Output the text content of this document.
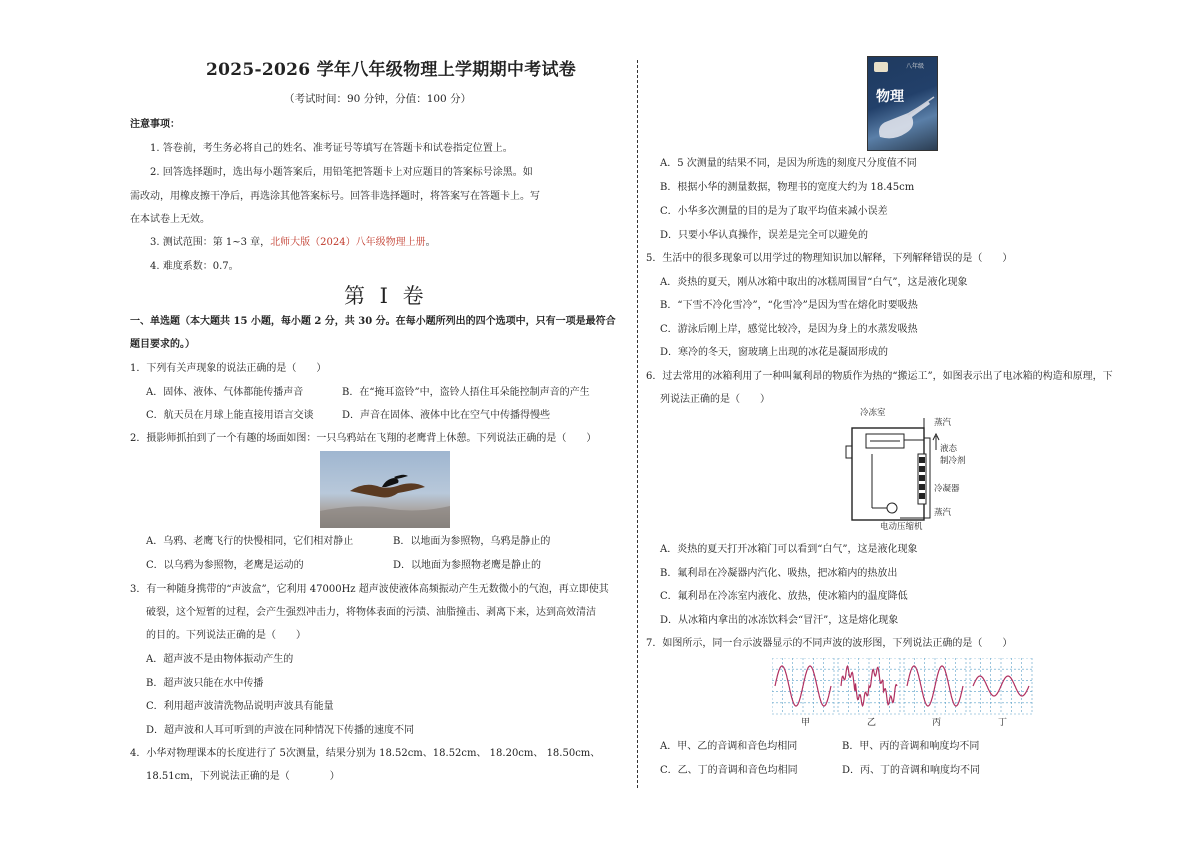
2025-2026 学年八年级物理上学期期中考试卷
（考试时间：90 分钟，分值：100 分）
注意事项：
1. 答卷前，考生务必将自己的姓名、准考证号等填写在答题卡和试卷指定位置上。
2. 回答选择题时，选出每小题答案后，用铅笔把答题卡上对应题目的答案标号涂黑。如
需改动，用橡皮擦干净后，再选涂其他答案标号。回答非选择题时，将答案写在答题卡上。写
在本试卷上无效。
3. 测试范围：第 1~3 章，北师大版（2024）八年级物理上册。
4. 难度系数：0.7。
第 I 卷
一、单选题（本大题共 15 小题，每小题 2 分，共 30 分。在每小题所列出的四个选项中，只有一项是最符合
题目要求的。）
1．下列有关声现象的说法正确的是（　　）
A．固体、液体、气体都能传播声音	B．在“掩耳盗铃”中，盗铃人捂住耳朵能控制声音的产生
C．航天员在月球上能直接用语言交谈	D．声音在固体、液体中比在空气中传播得慢些
2．摄影师抓拍到了一个有趣的场面如图：一只乌鸦站在飞翔的老鹰背上休憩。下列说法正确的是（　　）
A．乌鸦、老鹰飞行的快慢相同，它们相对静止	B．以地面为参照物，乌鸦是静止的
C．以乌鸦为参照物，老鹰是运动的	D．以地面为参照物老鹰是静止的
3．有一种随身携带的“声波盒”，它利用 47000Hz 超声波使液体高频振动产生无数微小的气泡，再立即使其
破裂，这个短暂的过程，会产生强烈冲击力，将物体表面的污渍、油脂撞击、剥离下来，达到高效清洁
的目的。下列说法正确的是（　　）
A．超声波不是由物体振动产生的
B．超声波只能在水中传播
C．利用超声波清洗物品说明声波具有能量
D．超声波和人耳可听到的声波在同种情况下传播的速度不同
4．小华对物理课本的长度进行了 5次测量，结果分别为 18.52cm、18.52cm、 18.20cm、 18.50cm、
18.51cm，下列说法正确的是（　　　　）
八年级
物理
A．5 次测量的结果不同，是因为所选的刻度尺分度值不同
B．根据小华的测量数据，物理书的宽度大约为 18.45cm
C．小华多次测量的目的是为了取平均值来减小误差
D．只要小华认真操作，误差是完全可以避免的
5．生活中的很多现象可以用学过的物理知识加以解释，下列解释错误的是（　　）
A．炎热的夏天，刚从冰箱中取出的冰糕周围冒“白气”，这是液化现象
B．“下雪不冷化雪冷”，“化雪冷”是因为雪在熔化时要吸热
C．游泳后刚上岸，感觉比较冷，是因为身上的水蒸发吸热
D．寒冷的冬天，窗玻璃上出现的冰花是凝固形成的
6．过去常用的冰箱利用了一种叫氟利昂的物质作为热的“搬运工”，如图表示出了电冰箱的构造和原理，下
列说法正确的是（　　）
冷冻室
蒸汽
液态
制冷剂
冷凝器
蒸汽
电动压缩机
A．炎热的夏天打开冰箱门可以看到“白气”，这是液化现象
B．氟利昂在冷凝器内汽化、吸热，把冰箱内的热放出
C．氟利昂在冷冻室内液化、放热，使冰箱内的温度降低
D．从冰箱内拿出的冰冻饮料会“冒汗”，这是熔化现象
7．如图所示，同一台示波器显示的不同声波的波形图，下列说法正确的是（　　）
甲	乙	丙	丁
A．甲、乙的音调和音色均相同	B．甲、丙的音调和响度均不同
C．乙、丁的音调和音色均相同	D．丙、丁的音调和响度均不同
